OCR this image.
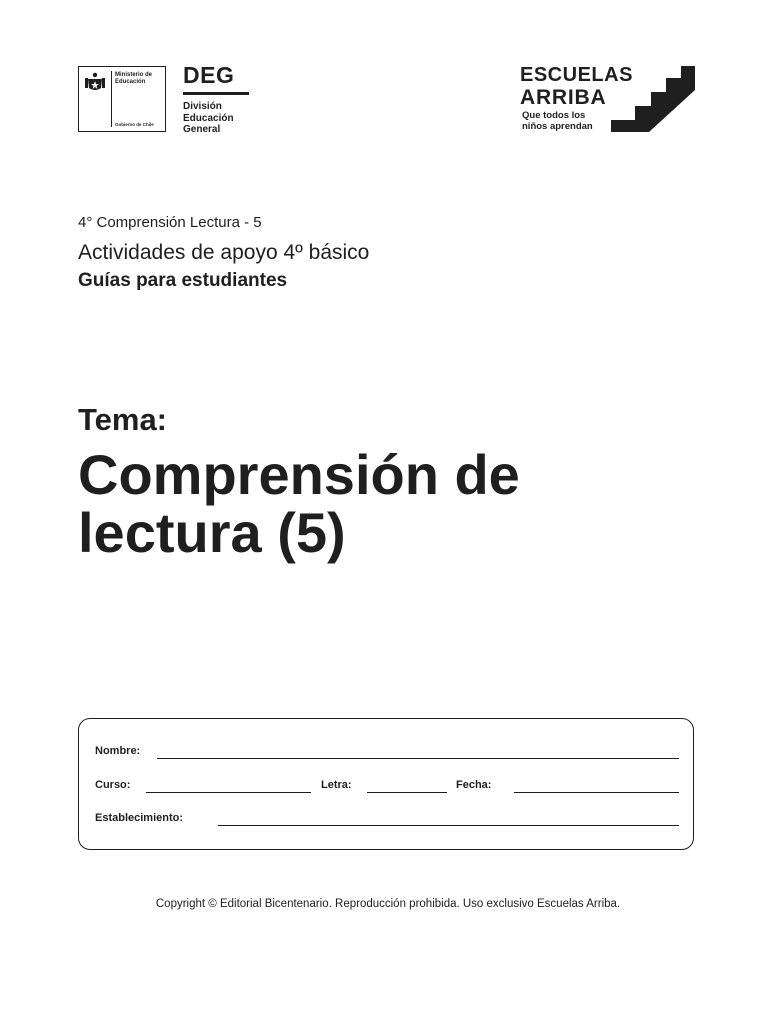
Ministerio de
Educación
Gobierno de Chile
DEG
División
Educación
General
ESCUELAS
ARRIBA
Que todos los
niños aprendan
4° Comprensión Lectura - 5
Actividades de apoyo 4º básico
Guías para estudiantes
Tema:
Comprensión de
lectura (5)
Nombre:
Curso:	Letra:	Fecha:
Establecimiento:
Copyright © Editorial Bicentenario. Reproducción prohibida. Uso exclusivo Escuelas Arriba.
